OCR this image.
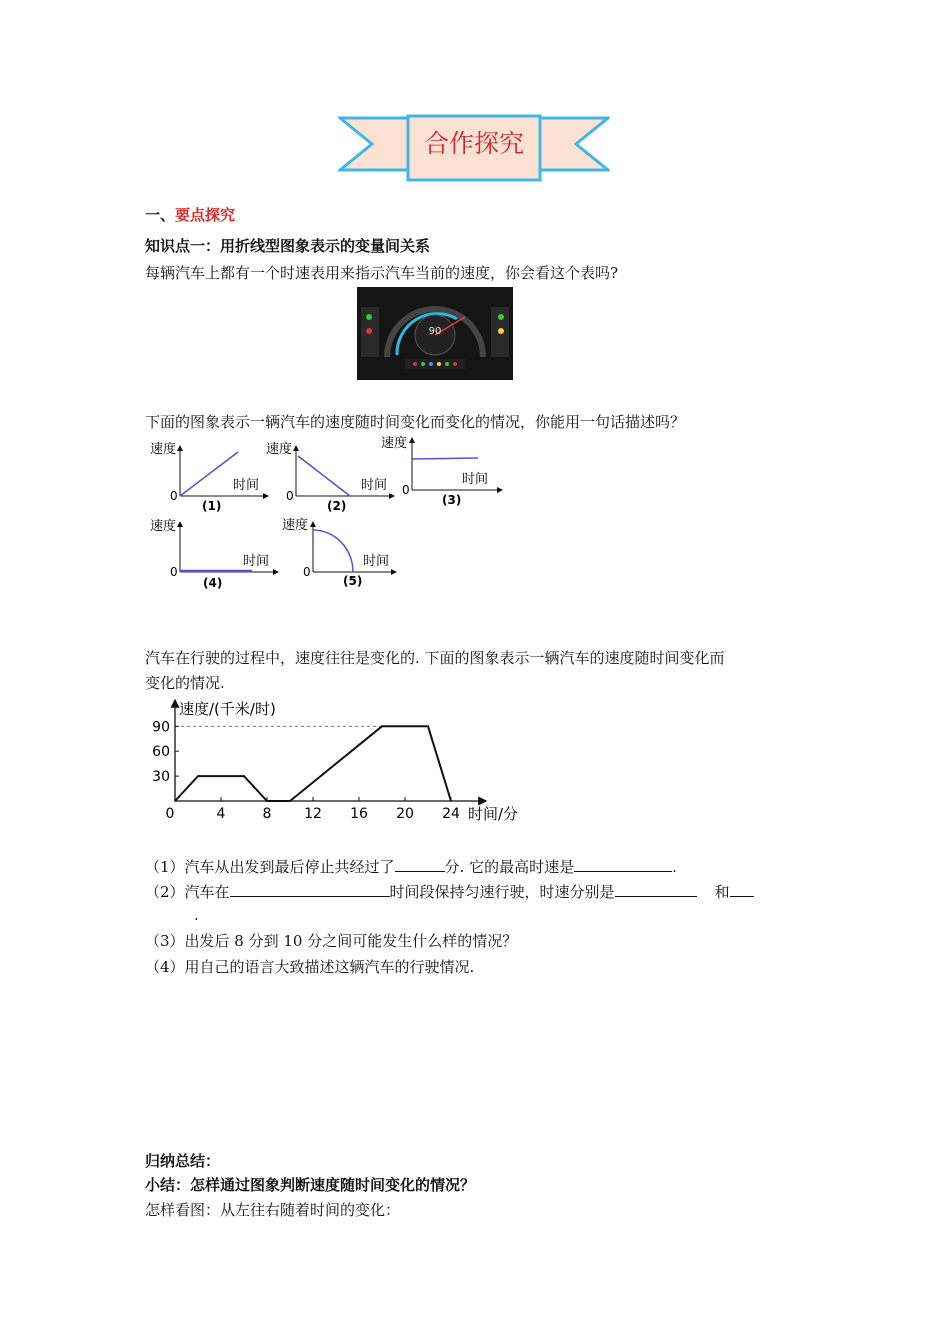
合作探究
一、要点探究
知识点一：用折线型图象表示的变量间关系
每辆汽车上都有一个时速表用来指示汽车当前的速度，你会看这个表吗?
90
下面的图象表示一辆汽车的速度随时间变化而变化的情况，你能用一句话描述吗？
速度
时间
0
(1)
速度
时间
0
(2)
速度
时间
0
(3)
速度
时间
0
(4)
速度
时间
0
(5)
汽车在行驶的过程中，速度往往是变化的. 下面的图象表示一辆汽车的速度随时间变化而
变化的情况.
0	4	8 12 16 20 24
30
60
90
速度/(千米/时)
时间/分
（1）汽车从出发到最后停止共经过了	分. 它的最高时速是	.
（2）汽车在	时间段保持匀速行驶，时速分别是	和
.
（3）出发后 8 分到 10 分之间可能发生什么样的情况？
（4）用自己的语言大致描述这辆汽车的行驶情况.
归纳总结：
小结：怎样通过图象判断速度随时间变化的情况？
怎样看图：从左往右随着时间的变化：
